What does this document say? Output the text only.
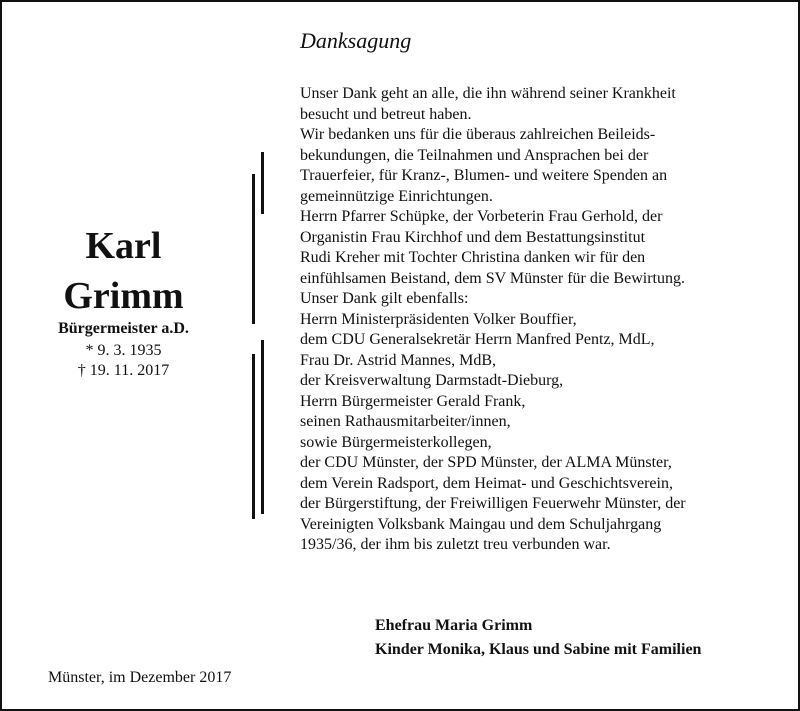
Danksagung
Unser Dank geht an alle, die ihn während seiner Krankheit
besucht und betreut haben.
Wir bedanken uns für die überaus zahlreichen Beileids-
bekundungen, die Teilnahmen und Ansprachen bei der
Trauerfeier, für Kranz-, Blumen- und weitere Spenden an
gemeinnützige Einrichtungen.
Herrn Pfarrer Schüpke, der Vorbeterin Frau Gerhold, der
Organistin Frau Kirchhof und dem Bestattungsinstitut
Rudi Kreher mit Tochter Christina danken wir für den
einfühlsamen Beistand, dem SV Münster für die Bewirtung.
Unser Dank gilt ebenfalls:
Herrn Ministerpräsidenten Volker Bouffier,
dem CDU Generalsekretär Herrn Manfred Pentz, MdL,
Frau Dr. Astrid Mannes, MdB,
der Kreisverwaltung Darmstadt-Dieburg,
Herrn Bürgermeister Gerald Frank,
seinen Rathausmitarbeiter/innen,
sowie Bürgermeisterkollegen,
der CDU Münster, der SPD Münster, der ALMA Münster,
dem Verein Radsport, dem Heimat- und Geschichtsverein,
der Bürgerstiftung, der Freiwilligen Feuerwehr Münster, der
Vereinigten Volksbank Maingau und dem Schuljahrgang
1935/36, der ihm bis zuletzt treu verbunden war.
Karl
Grimm
Bürgermeister a.D.
* 9. 3. 1935
† 19. 11. 2017
Ehefrau Maria Grimm
Kinder Monika, Klaus und Sabine mit Familien
Münster, im Dezember 2017
